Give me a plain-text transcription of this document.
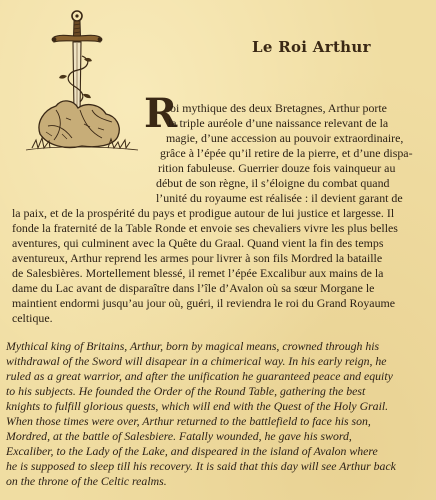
Le Roi Arthur
R
oi mythique des deux Bretagnes, Arthur porte
la triple auréole d’une naissance relevant de la
magie, d’une accession au pouvoir extraordinaire,
grâce à l’épée qu’il retire de la pierre, et d’une dispa-
rition fabuleuse. Guerrier douze fois vainqueur au
début de son règne, il s’éloigne du combat quand
l’unité du royaume est réalisée : il devient garant de
la paix, et de la prospérité du pays et prodigue autour de lui justice et largesse. Il
fonde la fraternité de la Table Ronde et envoie ses chevaliers vivre les plus belles
aventures, qui culminent avec la Quête du Graal. Quand vient la fin des temps
aventureux, Arthur reprend les armes pour livrer à son fils Mordred la bataille
de Salesbières. Mortellement blessé, il remet l’épée Excalibur aux mains de la
dame du Lac avant de disparaître dans l’île d’Avalon où sa sœur Morgane le
maintient endormi jusqu’au jour où, guéri, il reviendra le roi du Grand Royaume
celtique.
Mythical king of Britains, Arthur, born by magical means, crowned through his
withdrawal of the Sword will disapear in a chimerical way. In his early reign, he
ruled as a great warrior, and after the unification he guaranteed peace and equity
to his subjects. He founded the Order of the Round Table, gathering the best
knights to fulfill glorious quests, which will end with the Quest of the Holy Grail.
When those times were over, Arthur returned to the battlefield to face his son,
Mordred, at the battle of Salesbiere. Fatally wounded, he gave his sword,
Excaliber, to the Lady of the Lake, and dispeared in the island of Avalon where
he is supposed to sleep till his recovery. It is said that this day will see Arthur back
on the throne of the Celtic realms.
